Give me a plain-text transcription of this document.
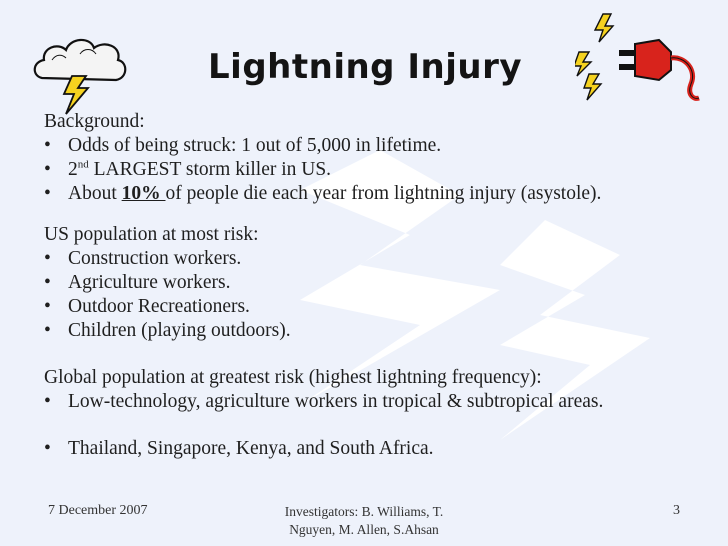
Lightning Injury
Background:
• Odds of being struck: 1 out of 5,000 in lifetime.
• 2nd LARGEST storm killer in US.
• About 10% of people die each year from lightning injury (asystole).
US population at most risk:
• Construction workers.
• Agriculture workers.
• Outdoor Recreationers.
• Children (playing outdoors).
Global population at greatest risk (highest lightning frequency):
• Low-technology, agriculture workers in tropical & subtropical areas.
• Thailand, Singapore, Kenya, and South Africa.
7 December 2007	Investigators: B. Williams, T.
Nguyen, M. Allen, S.Ahsan
3
